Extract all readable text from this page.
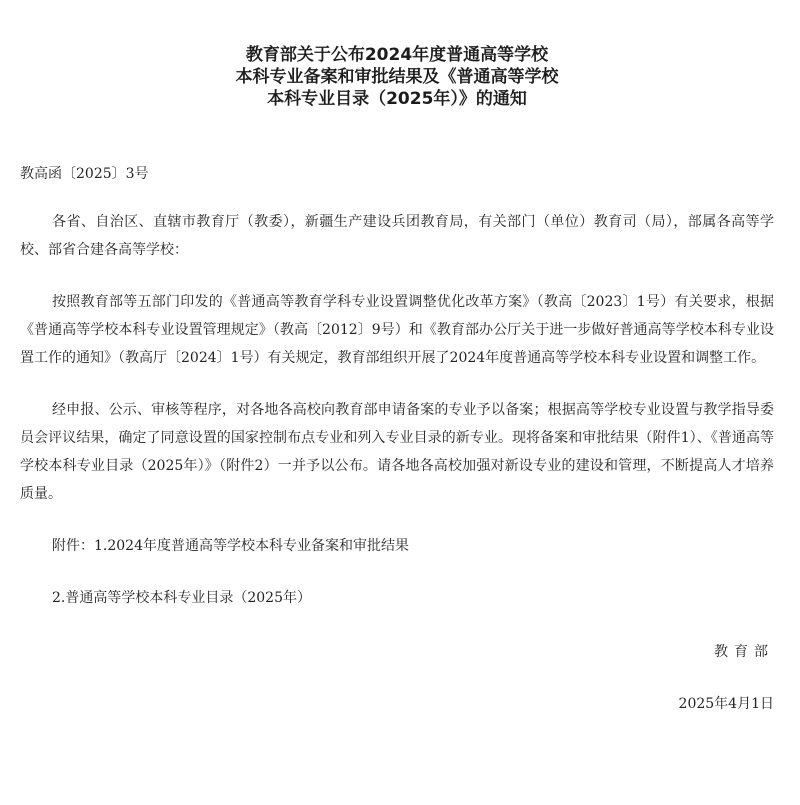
教育部关于公布2024年度普通高等学校
本科专业备案和审批结果及《普通高等学校
本科专业目录（2025年）》的通知
教高函〔2025〕3号

各省、自治区、直辖市教育厅（教委），新疆生产建设兵团教育局，有关部门（单位）教育司（局），部属各高等学校、部省合建各高等学校：

按照教育部等五部门印发的《普通高等教育学科专业设置调整优化改革方案》（教高〔2023〕1号）有关要求，根据《普通高等学校本科专业设置管理规定》（教高〔2012〕9号）和《教育部办公厅关于进一步做好普通高等学校本科专业设置工作的通知》（教高厅〔2024〕1号）有关规定，教育部组织开展了2024年度普通高等学校本科专业设置和调整工作。

经申报、公示、审核等程序，对各地各高校向教育部申请备案的专业予以备案；根据高等学校专业设置与教学指导委员会评议结果，确定了同意设置的国家控制布点专业和列入专业目录的新专业。现将备案和审批结果（附件1）、《普通高等学校本科专业目录（2025年）》（附件2）一并予以公布。请各地各高校加强对新设专业的建设和管理，不断提高人才培养质量。

附件：1.2024年度普通高等学校本科专业备案和审批结果

2.普通高等学校本科专业目录（2025年）

教育部
2025年4月1日
